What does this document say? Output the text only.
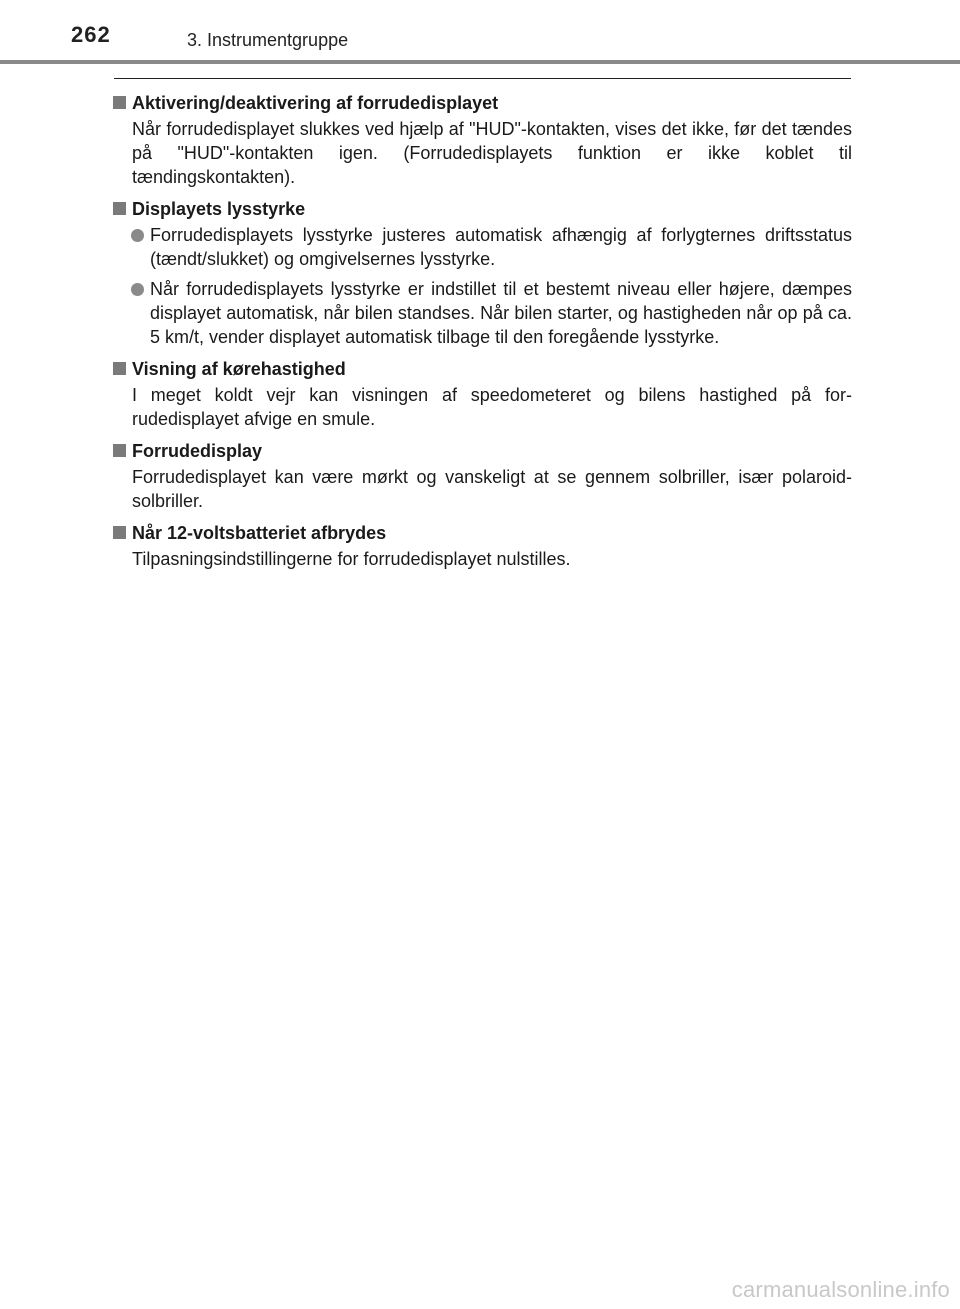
262	3. Instrumentgruppe
Aktivering/deaktivering af forrudedisplayet
Når forrudedisplayet slukkes ved hjælp af "HUD"-kontakten, vises det ikke, før det tændes på "HUD"-kontakten igen. (Forrudedisplayets funktion er ikke koblet til tændingskontakten).
Displayets lysstyrke
Forrudedisplayets lysstyrke justeres automatisk afhængig af forlygternes driftsstatus (tændt/slukket) og omgivelsernes lysstyrke.
Når forrudedisplayets lysstyrke er indstillet til et bestemt niveau eller højere, dæmpes displayet automatisk, når bilen standses. Når bilen starter, og hastigheden når op på ca. 5 km/t, vender displayet automatisk tilbage til den foregående lysstyrke.
Visning af kørehastighed
I meget koldt vejr kan visningen af speedometeret og bilens hastighed på for-rudedisplayet afvige en smule.
Forrudedisplay
Forrudedisplayet kan være mørkt og vanskeligt at se gennem solbriller, især polaroid-solbriller.
Når 12-voltsbatteriet afbrydes
Tilpasningsindstillingerne for forrudedisplayet nulstilles.
carmanualsonline.info
